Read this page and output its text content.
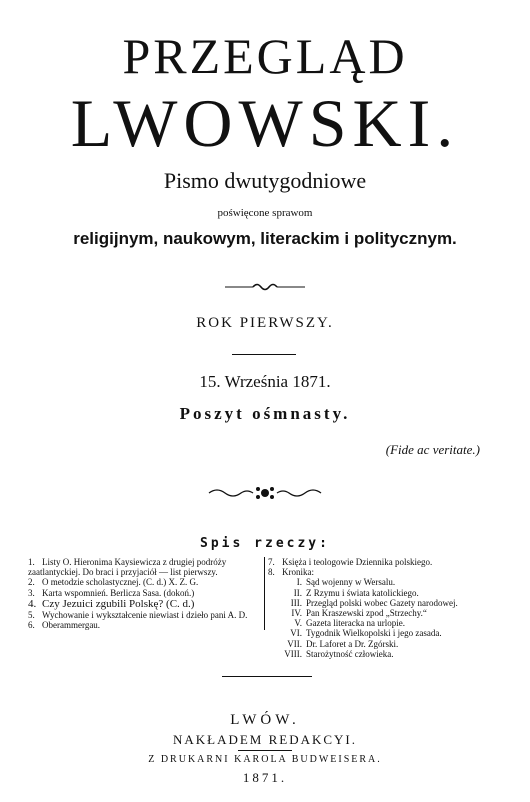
PRZEGLĄD
LWOWSKI.
Pismo dwutygodniowe
poświęcone sprawom
religijnym, naukowym, literackim i politycznym.
ROK PIERWSZY.
15. Września 1871.
Poszyt ośmnasty.
(Fide ac veritate.)
Spis rzeczy:

1. Listy O. Hieronima Kaysiewicza z drugiej podróży zaatlantyckiej. Do braci i przyjaciół — list pierwszy.

2. O metodzie scholastycznej. (C. d.) X. Z. G.

3. Karta wspomnień. Berlicza Sasa. (dokoń.)

4. Czy Jezuici zgubili Polskę? (C. d.)

5. Wychowanie i wykształcenie niewiast i dzieło pani A. D.

6. Oberammergau.

7. Księża i teologowie Dziennika polskiego.

8. Kronika:

I. Sąd wojenny w Wersalu.

II. Z Rzymu i świata katolickiego.

III. Przegląd polski wobec Gazety narodowej.

IV. Pan Kraszewski zpod „Strzechy.“

V. Gazeta literacka na urlopie.

VI. Tygodnik Wielkopolski i jego zasada.

VII. Dr. Laforet a Dr. Zgórski.

VIII. Starożytność człowieka.

LWÓW.
NAKŁADEM REDAKCYI.
Z DRUKARNI KAROLA BUDWEISERA.
1871.
